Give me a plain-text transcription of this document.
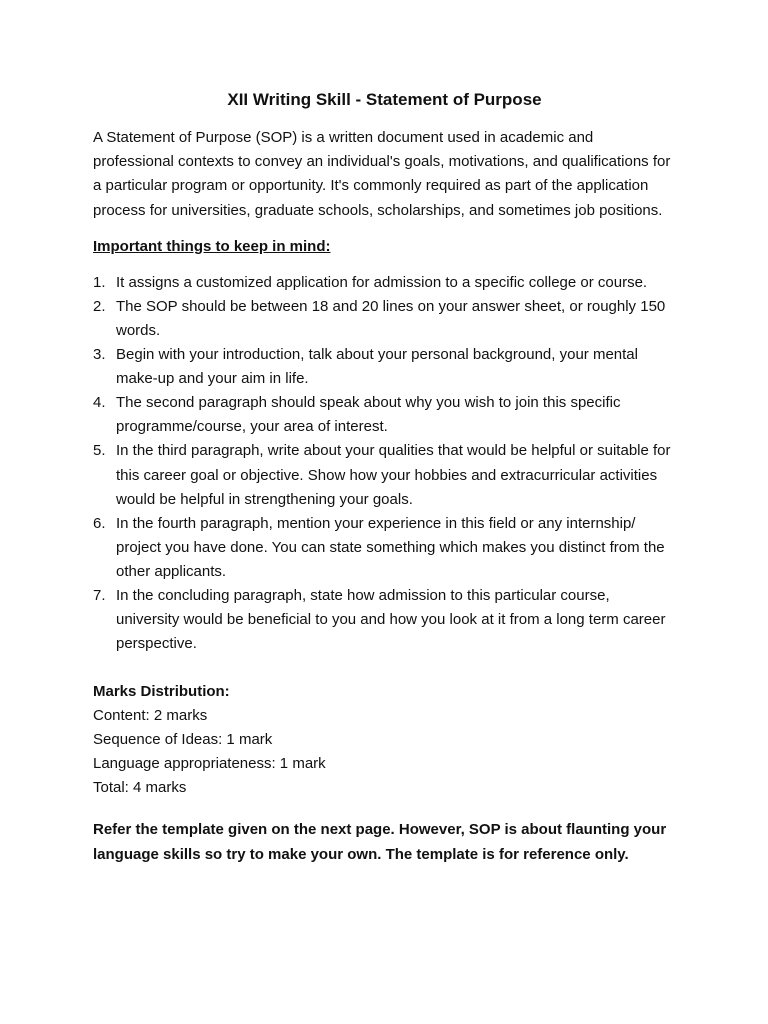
XII Writing Skill - Statement of Purpose

A Statement of Purpose (SOP) is a written document used in academic and professional contexts to convey an individual's goals, motivations, and qualifications for a particular program or opportunity. It's commonly required as part of the application process for universities, graduate schools, scholarships, and sometimes job positions.

Important things to keep in mind:
1. It assigns a customized application for admission to a specific college or course.
2. The SOP should be between 18 and 20 lines on your answer sheet, or roughly 150 words.
3. Begin with your introduction, talk about your personal background, your mental make-up and your aim in life.
4. The second paragraph should speak about why you wish to join this specific programme/course, your area of interest.
5. In the third paragraph, write about your qualities that would be helpful or suitable for this career goal or objective. Show how your hobbies and extracurricular activities would be helpful in strengthening your goals.
6. In the fourth paragraph, mention your experience in this field or any internship/ project you have done. You can state something which makes you distinct from the other applicants.
7. In the concluding paragraph, state how admission to this particular course, university would be beneficial to you and how you look at it from a long term career perspective.
Marks Distribution:
Content: 2 marks
Sequence of Ideas: 1 mark
Language appropriateness: 1 mark
Total: 4 marks
Refer the template given on the next page. However, SOP is about flaunting your language skills so try to make your own. The template is for reference only.
